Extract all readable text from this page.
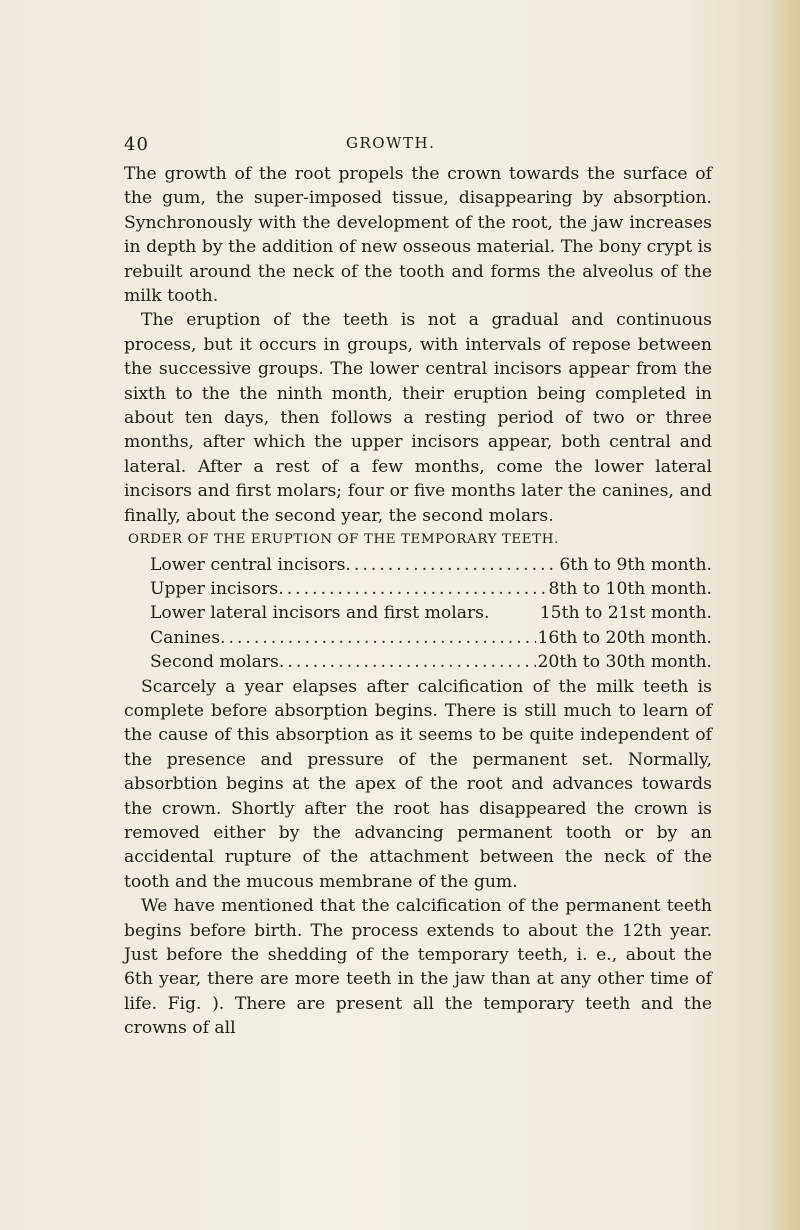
40	GROWTH.

The growth of the root propels the crown towards the surface of the gum, the super-imposed tissue, disappearing by absorption. Synchronously with the development of the root, the jaw increases in depth by the addition of new osseous material. The bony crypt is rebuilt around the neck of the tooth and forms the alveolus of the milk tooth.

The eruption of the teeth is not a gradual and continuous process, but it occurs in groups, with intervals of repose between the successive groups. The lower central incisors appear from the sixth to the the ninth month, their eruption being completed in about ten days, then follows a resting period of two or three months, after which the upper incisors appear, both central and lateral. After a rest of a few months, come the lower lateral incisors and first molars; four or five months later the canines, and finally, about the second year, the second molars.

ORDER OF THE ERUPTION OF THE TEMPORARY TEETH.

Lower central incisors .....	6th to 9th month.
Upper incisors .....	8th to 10th month.
Lower lateral incisors and first molars.	15th to 21st month.
Canines .....	16th to 20th month.
Second molars .....	20th to 30th month.

Scarcely a year elapses after calcification of the milk teeth is complete before absorption begins. There is still much to learn of the cause of this absorption as it seems to be quite independent of the presence and pressure of the permanent set. Normally, absorbtion begins at the apex of the root and advances towards the crown. Shortly after the root has disappeared the crown is removed either by the advancing permanent tooth or by an accidental rupture of the attachment between the neck of the tooth and the mucous membrane of the gum.

We have mentioned that the calcification of the permanent teeth begins before birth. The process extends to about the 12th year. Just before the shedding of the temporary teeth, i. e., about the 6th year, there are more teeth in the jaw than at any other time of life. Fig. ). There are present all the temporary teeth and the crowns of all
